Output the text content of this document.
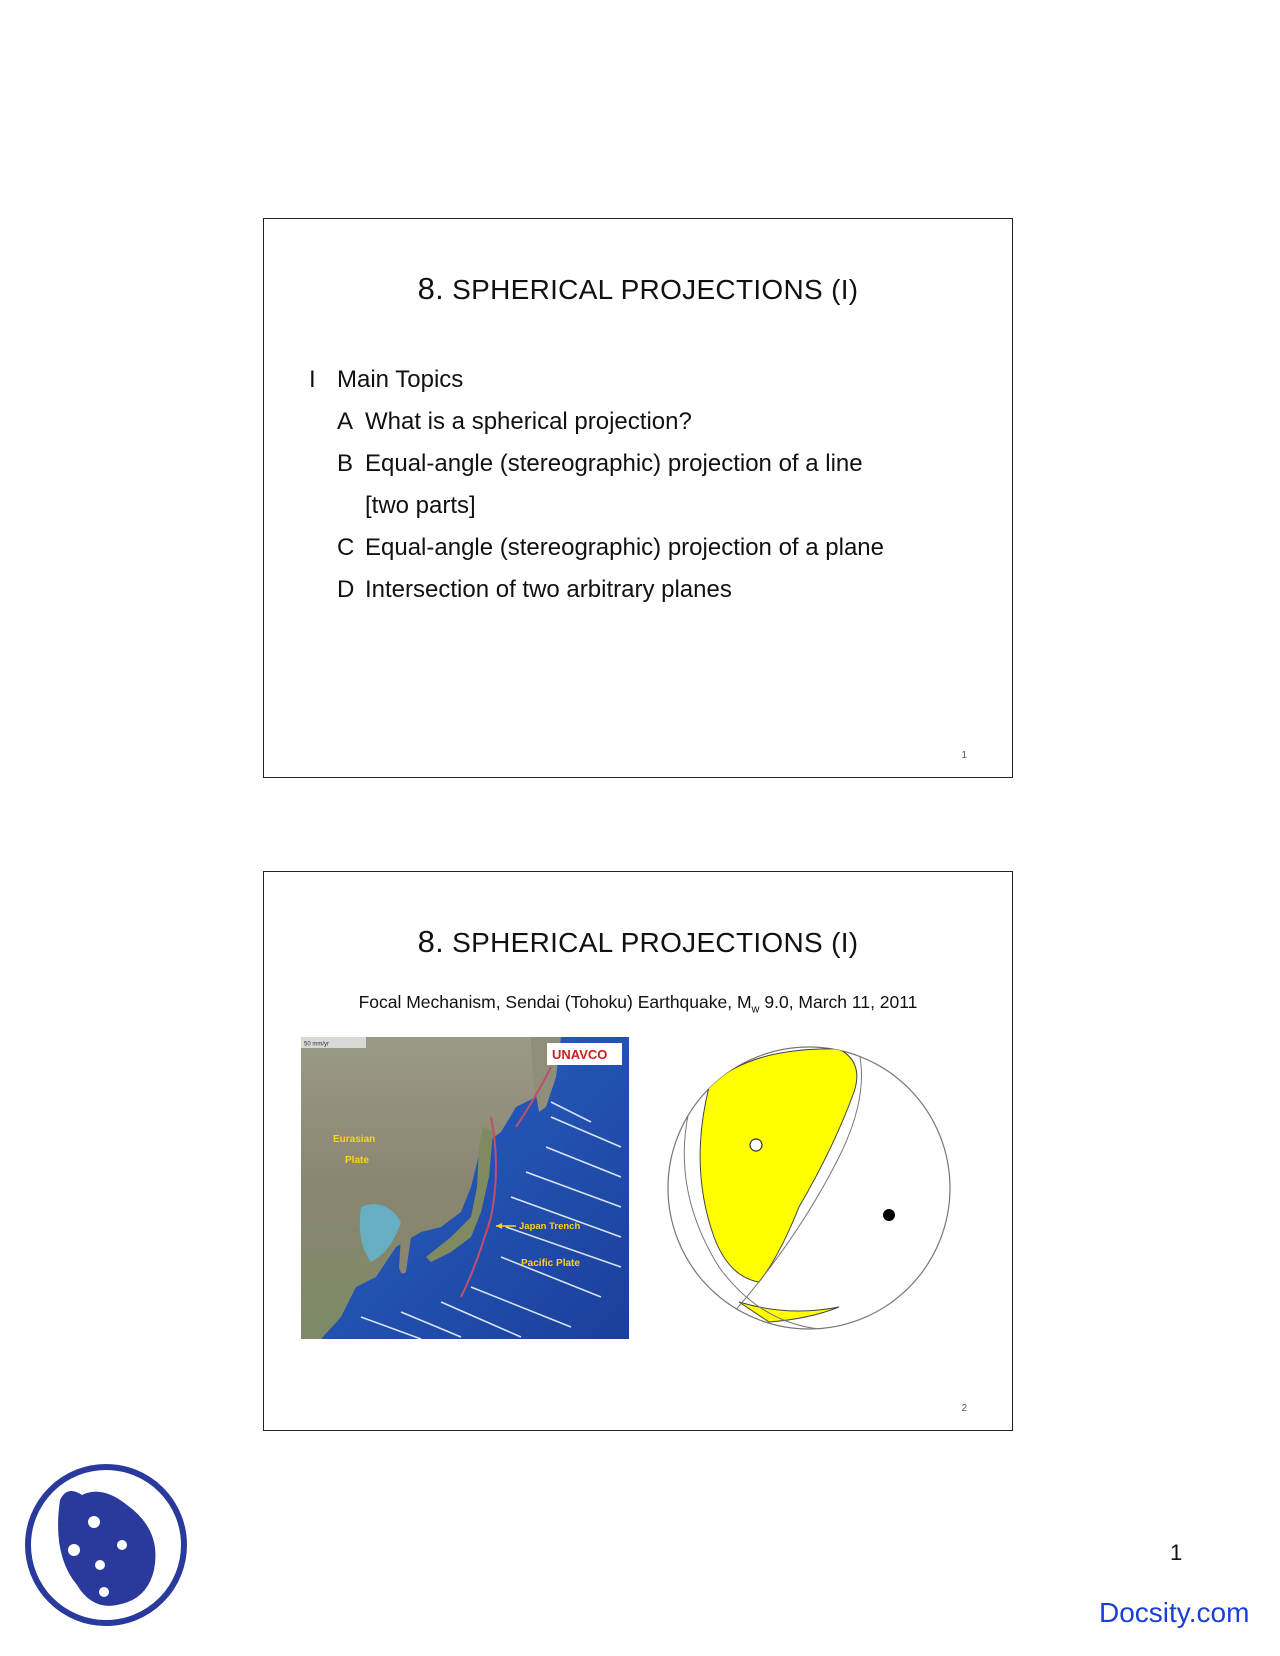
8. SPHERICAL PROJECTIONS (I)
I Main Topics
A What is a spherical projection?
B Equal-angle (stereographic) projection of a line
[two parts]
C Equal-angle (stereographic) projection of a plane
D Intersection of two arbitrary planes
1
8. SPHERICAL PROJECTIONS (I)
Focal Mechanism, Sendai (Tohoku) Earthquake, $M_w$ 9.0, March 11, 2011
50 mm/yr
UNAVCO
Eurasian
Plate
★	Japan Trench
Pacific Plate
2
1
Docsity.com
